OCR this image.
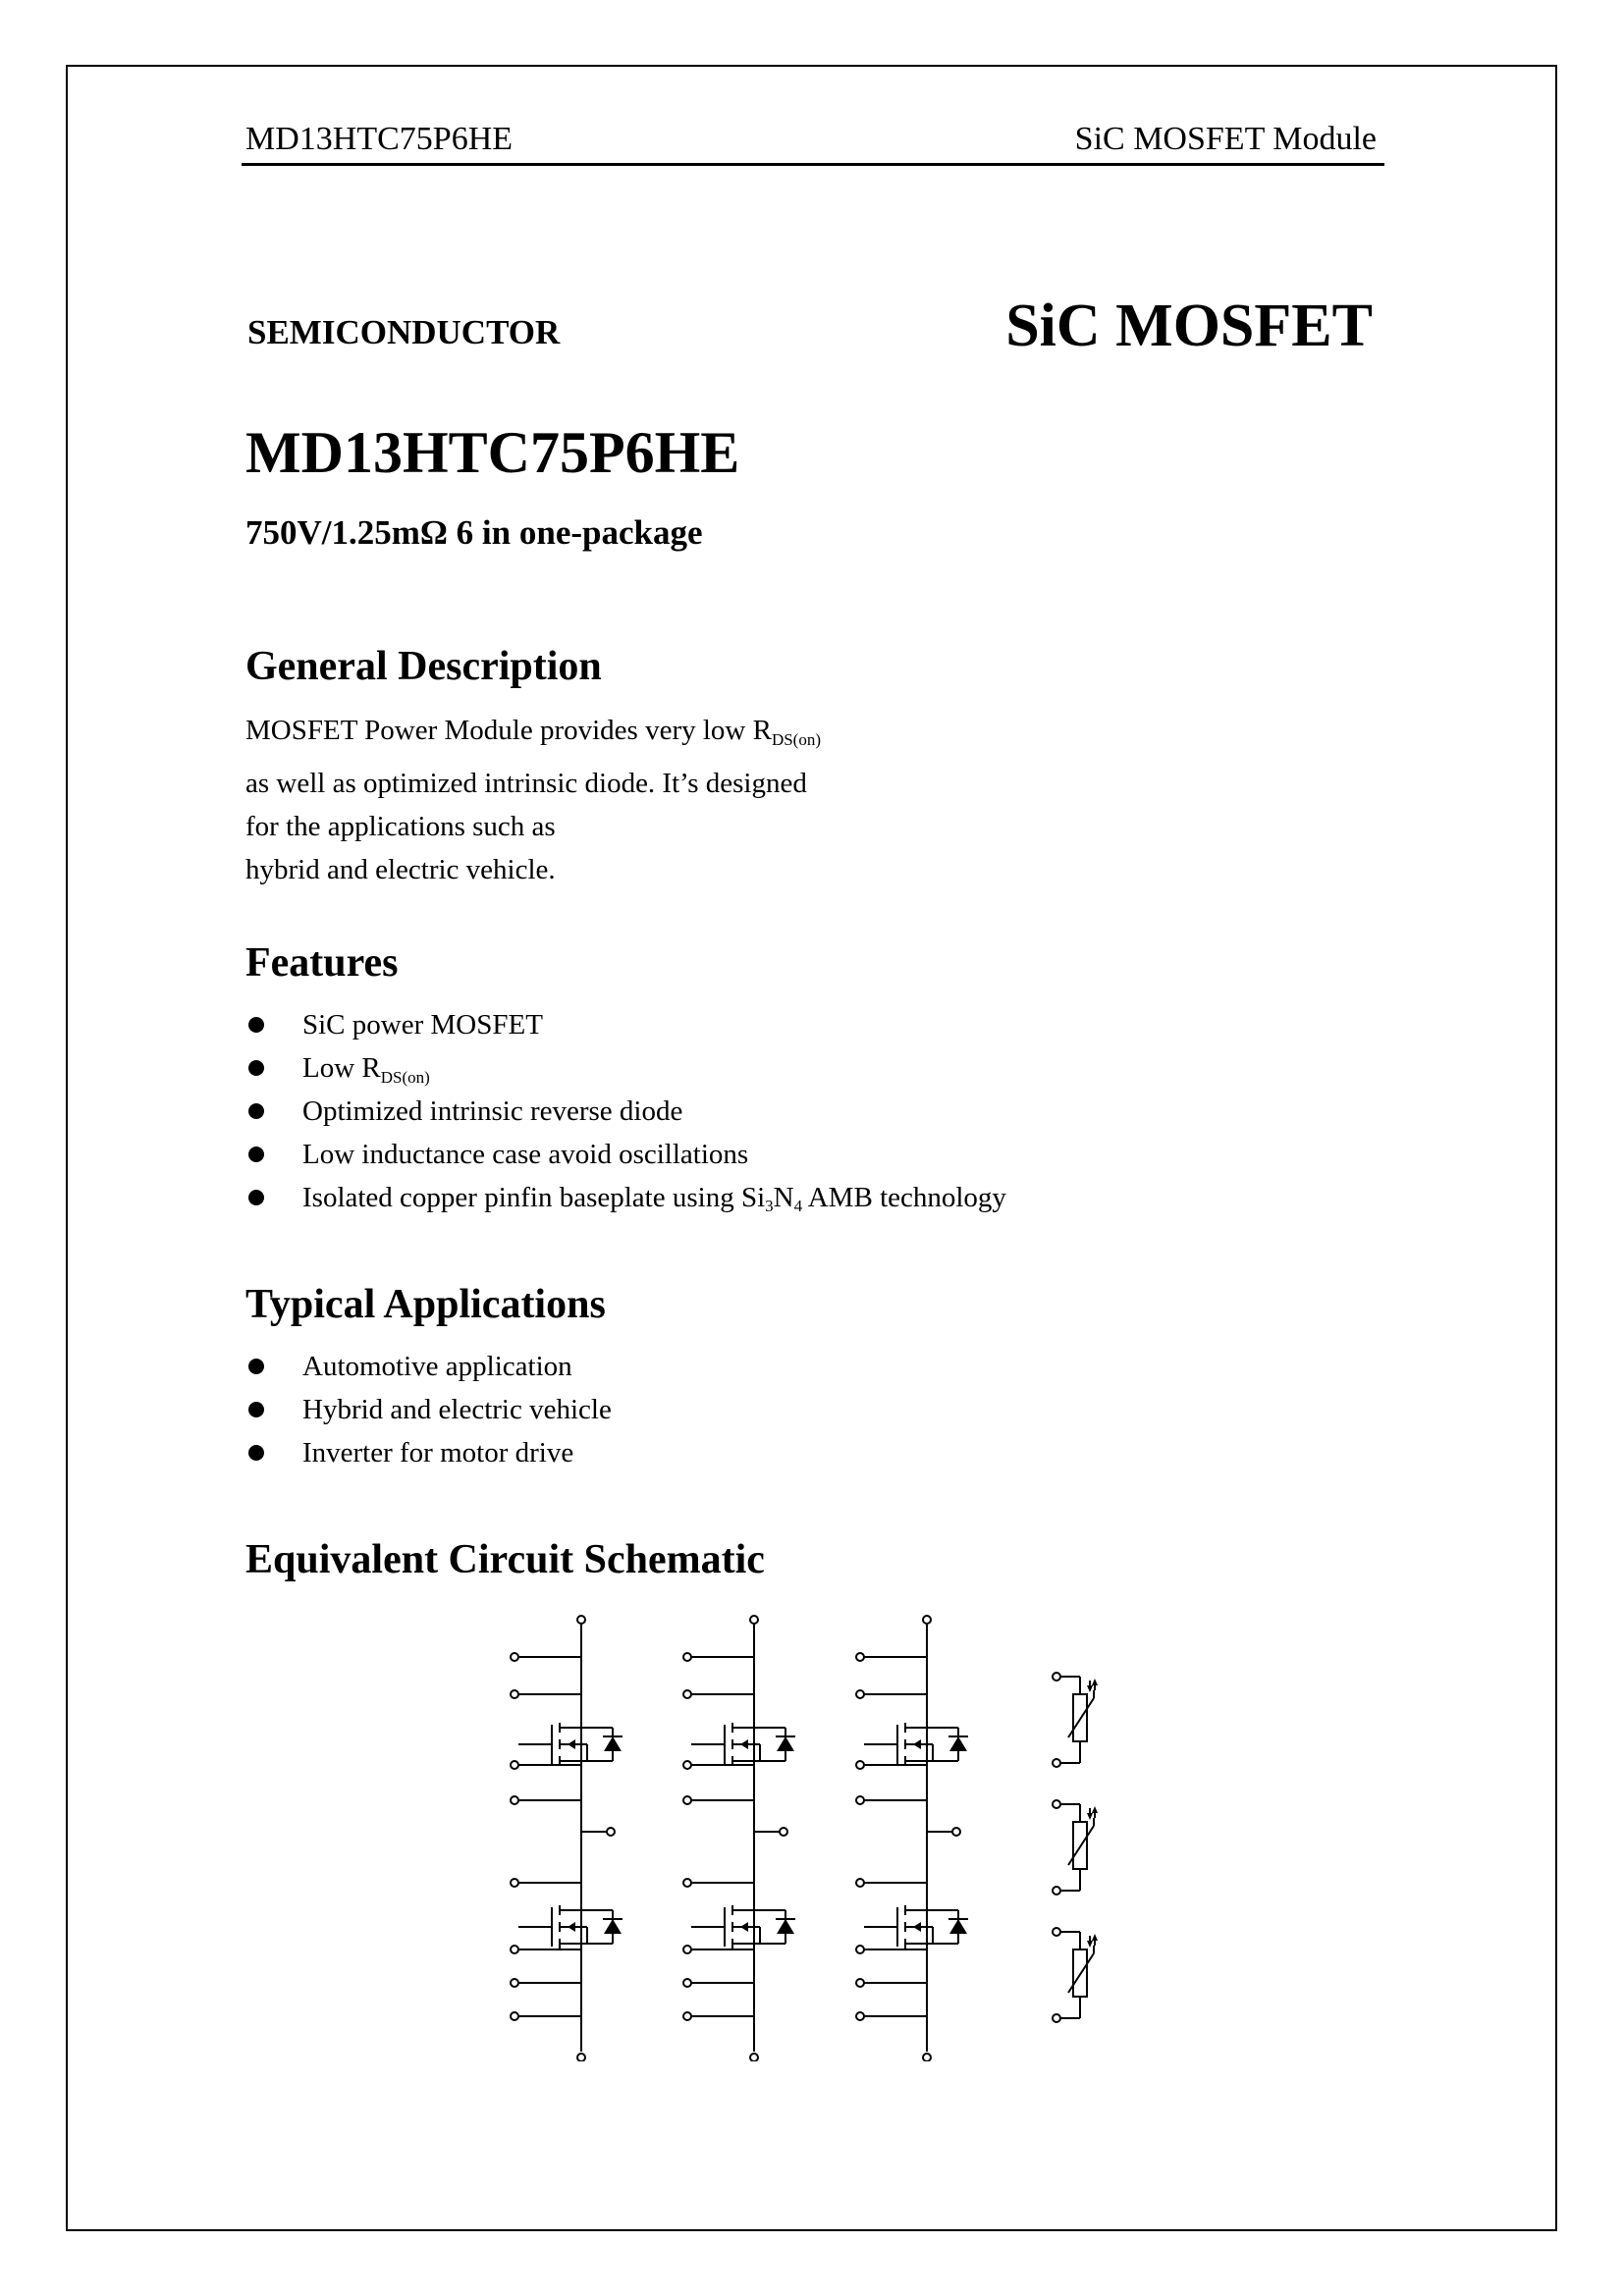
MD13HTC75P6HE	SiC MOSFET Module
SEMICONDUCTOR	SiC MOSFET
MD13HTC75P6HE
750V/1.25mΩ 6 in one-package
General Description
MOSFET Power Module provides very low $R_{DS(on)}$
as well as optimized intrinsic diode. It’s designed
for the applications such as
hybrid and electric vehicle.
Features
SiC power MOSFET
Low $R_{DS(on)}$
Optimized intrinsic reverse diode
Low inductance case avoid oscillations
Isolated copper pinfin baseplate using Si3N4 AMB technology
Typical Applications
Automotive application
Hybrid and electric vehicle
Inverter for motor drive
Equivalent Circuit Schematic
